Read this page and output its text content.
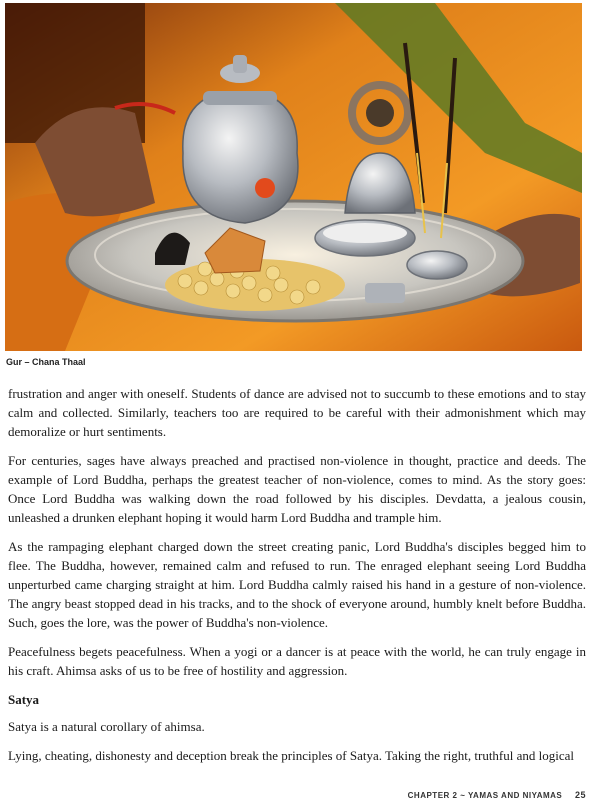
Gur – Chana Thaal

frustration and anger with oneself. Students of dance are advised not to succumb to these emotions and to stay calm and collected. Similarly, teachers too are required to be careful with their admonishment which may demoralize or hurt sentiments.

For centuries, sages have always preached and practised non-violence in thought, practice and deeds. The example of Lord Buddha, perhaps the greatest teacher of non-violence, comes to mind. As the story goes: Once Lord Buddha was walking down the road followed by his disciples. Devdatta, a jealous cousin, unleashed a drunken elephant hoping it would harm Lord Buddha and trample him.

As the rampaging elephant charged down the street creating panic, Lord Buddha's disciples begged him to flee. The Buddha, however, remained calm and refused to run. The enraged elephant seeing Lord Buddha unperturbed came charging straight at him. Lord Buddha calmly raised his hand in a gesture of non-violence. The angry beast stopped dead in his tracks, and to the shock of everyone around, humbly knelt before Buddha. Such, goes the lore, was the power of Buddha's non-violence.

Peacefulness begets peacefulness. When a yogi or a dancer is at peace with the world, he can truly engage in his craft. Ahimsa asks of us to be free of hostility and aggression.

Satya

Satya is a natural corollary of ahimsa.

Lying, cheating, dishonesty and deception break the principles of Satya. Taking the right, truthful and logical

CHAPTER 2 ~ YAMAS AND NIYAMAS 25
